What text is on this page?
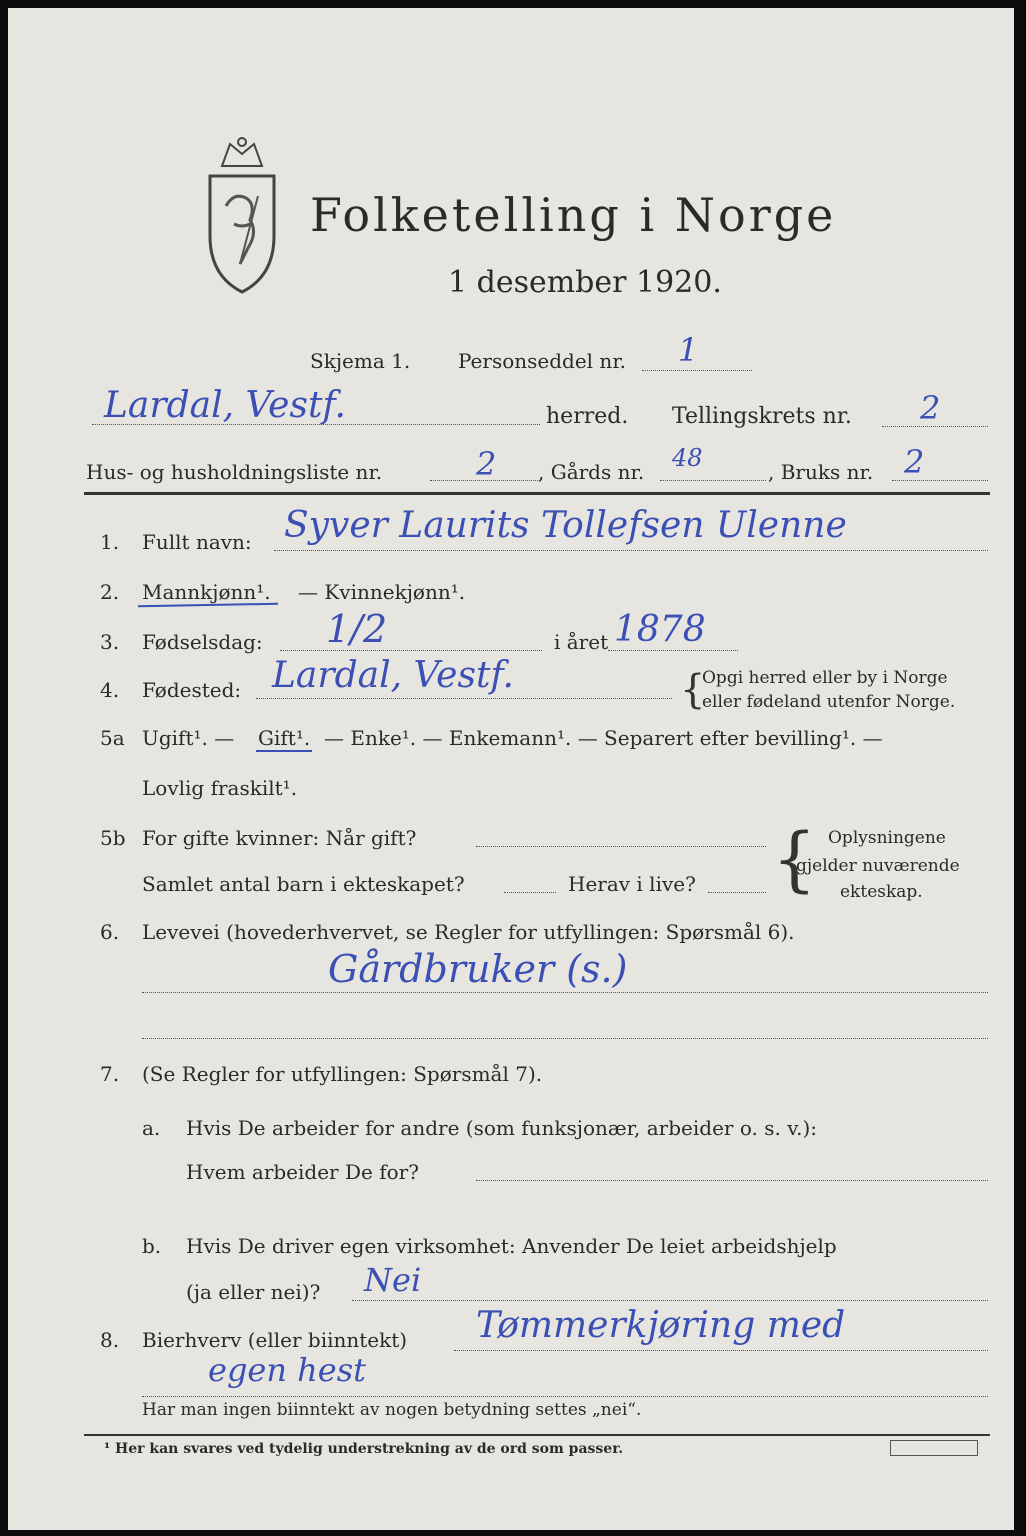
Folketelling i Norge
1 desember 1920.
Skjema 1. Personseddel nr. 1
Lardal, Vestf.	herred. Tellingskrets nr. 2
Hus- og husholdningsliste nr.	2 , Gårds nr. 48	, Bruks nr. 2
1. Fullt navn: Syver Laurits Tollefsen Ulenne
2. Mannkjønn¹. — Kvinnekjønn¹.
3. Fødselsdag: 1/2	i året 1878
4. Fødested: Lardal, Vestf.	{
Opgi herred eller by i Norge
eller fødeland utenfor Norge.
5a Ugift¹. — Gift¹. — Enke¹. — Enkemann¹. — Separert efter bevilling¹. —
Lovlig fraskilt¹.
5b For gifte kvinner: Når gift?
Samlet antal barn i ekteskapet?	Herav i live? { Oplysningene
gjelder nuværende
ekteskap.
6. Levevei (hovederhvervet, se Regler for utfyllingen: Spørsmål 6).
Gårdbruker (s.)
7. (Se Regler for utfyllingen: Spørsmål 7).
a. Hvis De arbeider for andre (som funksjonær, arbeider o. s. v.):
Hvem arbeider De for?
b. Hvis De driver egen virksomhet: Anvender De leiet arbeidshjelp
(ja eller nei)? Nei
8. Bierhverv (eller biinntekt) Tømmerkjøring med
egen hest
Har man ingen biinntekt av nogen betydning settes „nei“.
¹ Her kan svares ved tydelig understrekning av de ord som passer.
